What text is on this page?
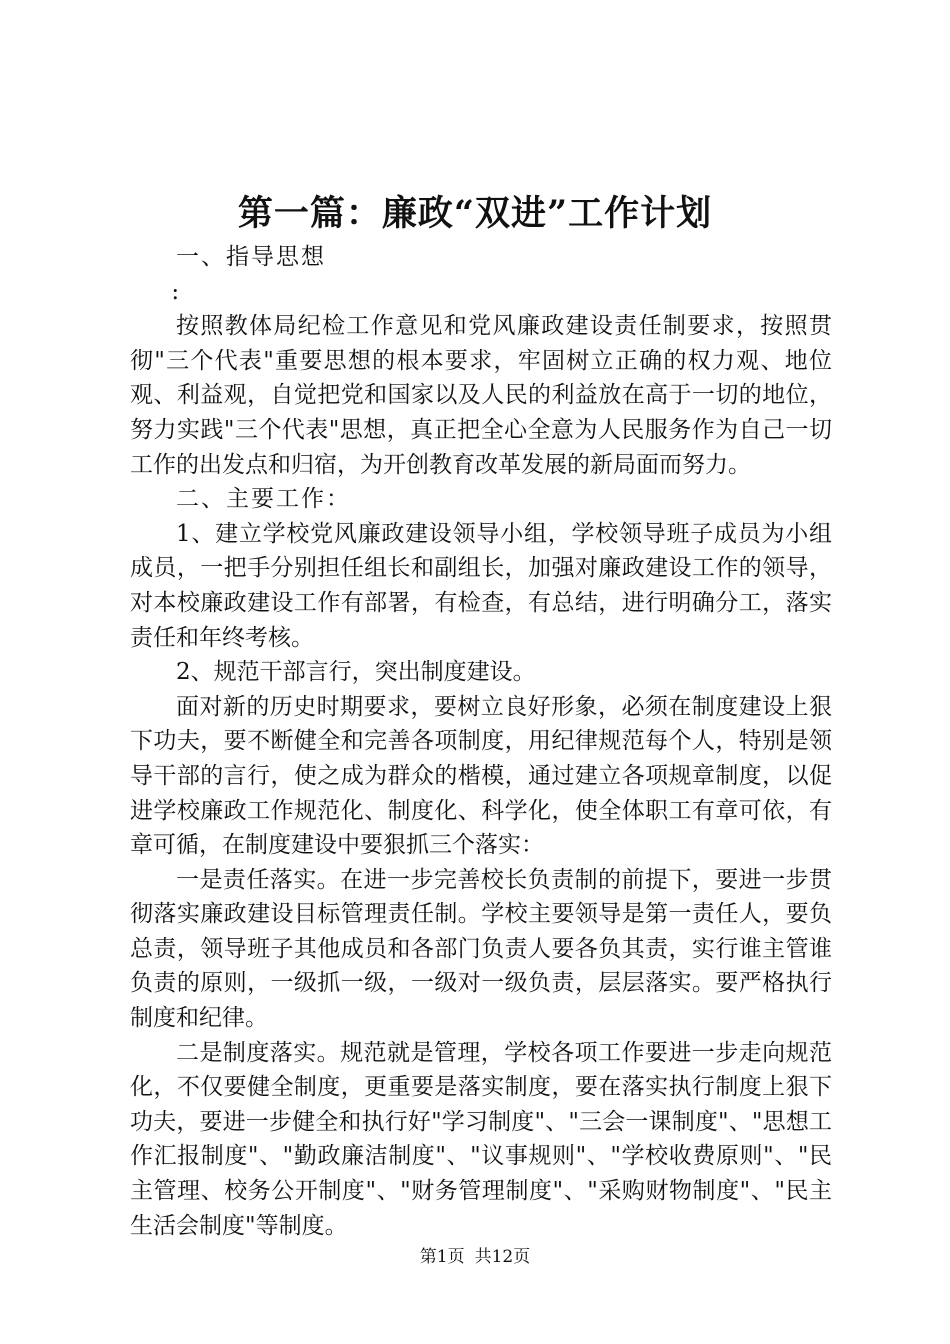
第一篇：廉政“双进”工作计划

一、指导思想

:

按照教体局纪检工作意见和党风廉政建设责任制要求，按照贯彻"三个代表"重要思想的根本要求，牢固树立正确的权力观、地位观、利益观，自觉把党和国家以及人民的利益放在高于一切的地位，努力实践"三个代表"思想，真正把全心全意为人民服务作为自己一切工作的出发点和归宿，为开创教育改革发展的新局面而努力。

二、主要工作：

1、建立学校党风廉政建设领导小组，学校领导班子成员为小组成员，一把手分别担任组长和副组长，加强对廉政建设工作的领导，对本校廉政建设工作有部署，有检查，有总结，进行明确分工，落实责任和年终考核。

2、规范干部言行，突出制度建设。

面对新的历史时期要求，要树立良好形象，必须在制度建设上狠下功夫，要不断健全和完善各项制度，用纪律规范每个人，特别是领导干部的言行，使之成为群众的楷模，通过建立各项规章制度，以促进学校廉政工作规范化、制度化、科学化，使全体职工有章可依，有章可循，在制度建设中要狠抓三个落实：

一是责任落实。在进一步完善校长负责制的前提下，要进一步贯彻落实廉政建设目标管理责任制。学校主要领导是第一责任人，要负总责，领导班子其他成员和各部门负责人要各负其责，实行谁主管谁负责的原则，一级抓一级，一级对一级负责，层层落实。要严格执行制度和纪律。

二是制度落实。规范就是管理，学校各项工作要进一步走向规范化，不仅要健全制度，更重要是落实制度，要在落实执行制度上狠下功夫，要进一步健全和执行好"学习制度"、"三会一课制度"、"思想工作汇报制度"、"勤政廉洁制度"、"议事规则"、"学校收费原则"、"民主管理、校务公开制度"、"财务管理制度"、"采购财物制度"、"民主生活会制度"等制度。

第1页 共12页
